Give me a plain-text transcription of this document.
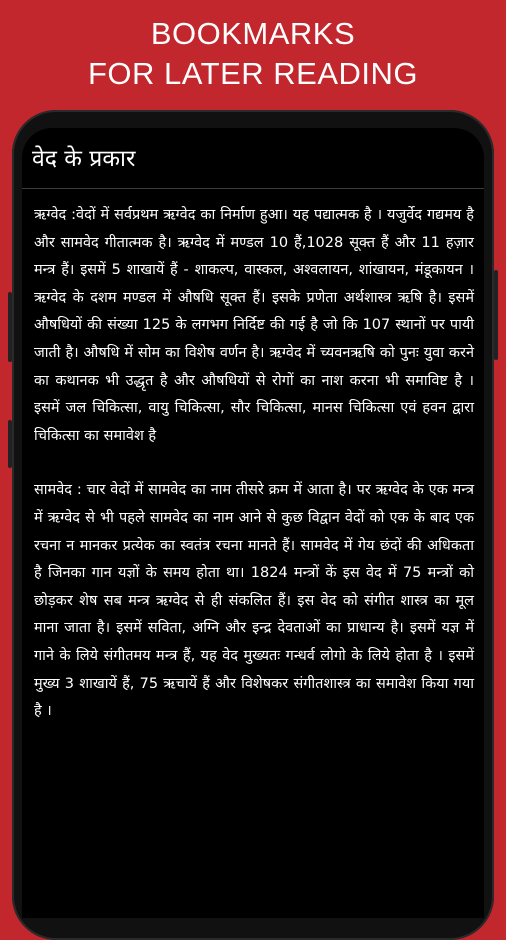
BOOKMARKS
FOR LATER READING
वेद के प्रकार

ऋग्वेद :वेदों में सर्वप्रथम ऋग्वेद का निर्माण हुआ। यह पद्यात्मक है । यजुर्वेद गद्यमय है और सामवेद गीतात्मक है। ऋग्वेद में मण्डल 10 हैं,1028 सूक्त हैं और 11 हज़ार मन्त्र हैं। इसमें 5 शाखायें हैं - शाकल्प, वास्कल, अश्वलायन, शांखायन, मंडूकायन । ऋग्वेद के दशम मण्डल में औषधि सूक्त हैं। इसके प्रणेता अर्थशास्त्र ऋषि है। इसमें औषधियों की संख्या 125 के लगभग निर्दिष्ट की गई है जो कि 107 स्थानों पर पायी जाती है। औषधि में सोम का विशेष वर्णन है। ऋग्वेद में च्यवनऋषि को पुनः युवा करने का कथानक भी उद्धृत है और औषधियों से रोगों का नाश करना भी समाविष्ट है । इसमें जल चिकित्सा, वायु चिकित्सा, सौर चिकित्सा, मानस चिकित्सा एवं हवन द्वारा चिकित्सा का समावेश है

सामवेद : चार वेदों में सामवेद का नाम तीसरे क्रम में आता है। पर ऋग्वेद के एक मन्त्र में ऋग्वेद से भी पहले सामवेद का नाम आने से कुछ विद्वान वेदों को एक के बाद एक रचना न मानकर प्रत्येक का स्वतंत्र रचना मानते हैं। सामवेद में गेय छंदों की अधिकता है जिनका गान यज्ञों के समय होता था। 1824 मन्त्रों कें इस वेद में 75 मन्त्रों को छोड़कर शेष सब मन्त्र ऋग्वेद से ही संकलित हैं। इस वेद को संगीत शास्त्र का मूल माना जाता है। इसमें सविता, अग्नि और इन्द्र देवताओं का प्राधान्य है। इसमें यज्ञ में गाने के लिये संगीतमय मन्त्र हैं, यह वेद मुख्यतः गन्धर्व लोगो के लिये होता है । इसमें मुख्य 3 शाखायें हैं, 75 ऋचायें हैं और विशेषकर संगीतशास्त्र का समावेश किया गया है ।
